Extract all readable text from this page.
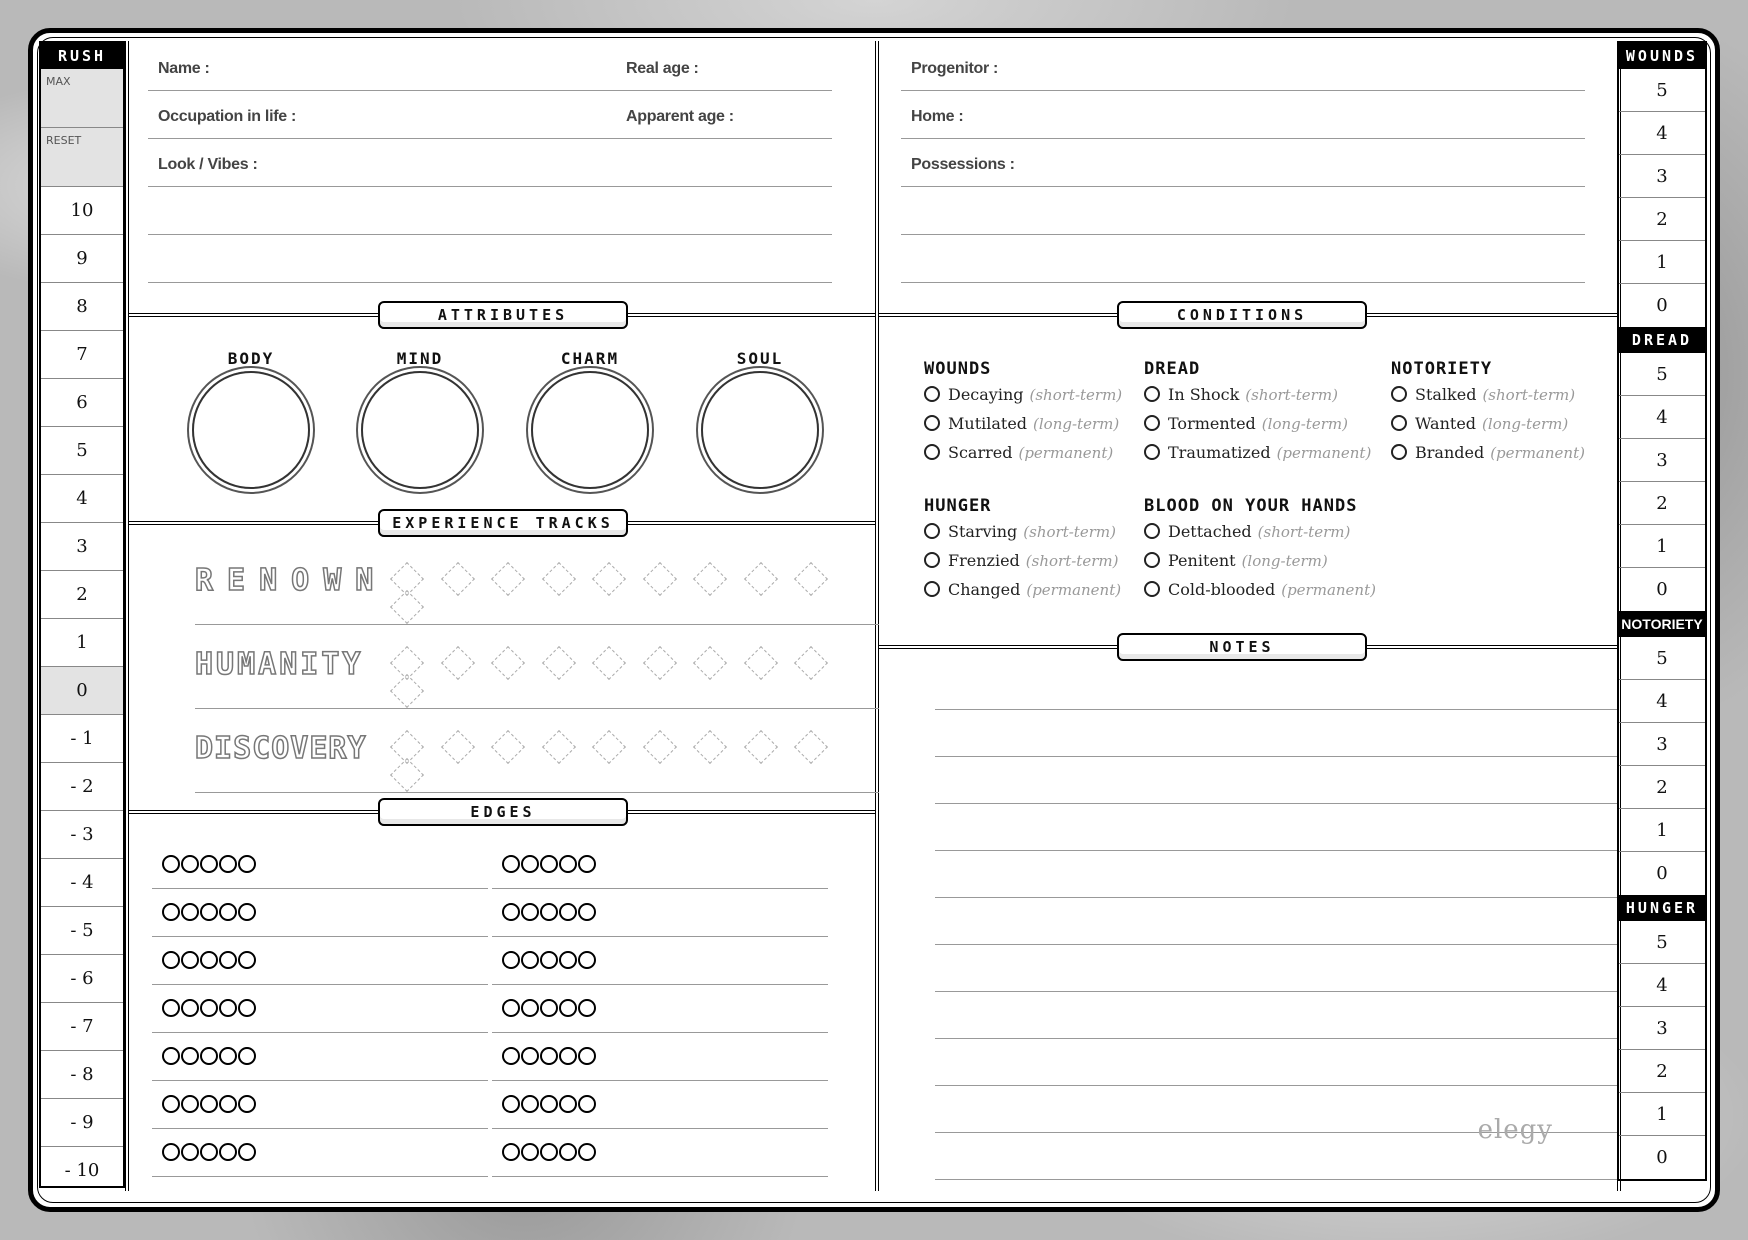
RUSH
MAX
RESET
10
9
8
7
6
5
4
3
2
1
0
- 1
- 2
- 3
- 4
- 5
- 6
- 7
- 8
- 9
- 10
Name :	Real age :
Occupation in life :	Apparent age :
Look / Vibes :
Progenitor :
Home :
Possessions :
ATTRIBUTES	CONDITIONS
EXPERIENCE TRACKS
EDGES
NOTES
BODY	MIND	CHARM	SOUL
RENOWN
HUMANITY
DISCOVERY
WOUNDS
Decaying (short-term)
Mutilated (long-term)
Scarred (permanent)
DREAD
In Shock (short-term)
Tormented (long-term)
Traumatized (permanent)
NOTORIETY
Stalked (short-term)
Wanted (long-term)
Branded (permanent)
HUNGER
Starving (short-term)
Frenzied (short-term)
Changed (permanent)
BLOOD ON YOUR HANDS
Dettached (short-term)
Penitent (long-term)
Cold-blooded (permanent)
elegy
WOUNDS
5
4
3
2
1
0
DREAD
5
4
3
2
1
0
NOTORIETY
5
4
3
2
1
0
HUNGER
5
4
3
2
1
0
